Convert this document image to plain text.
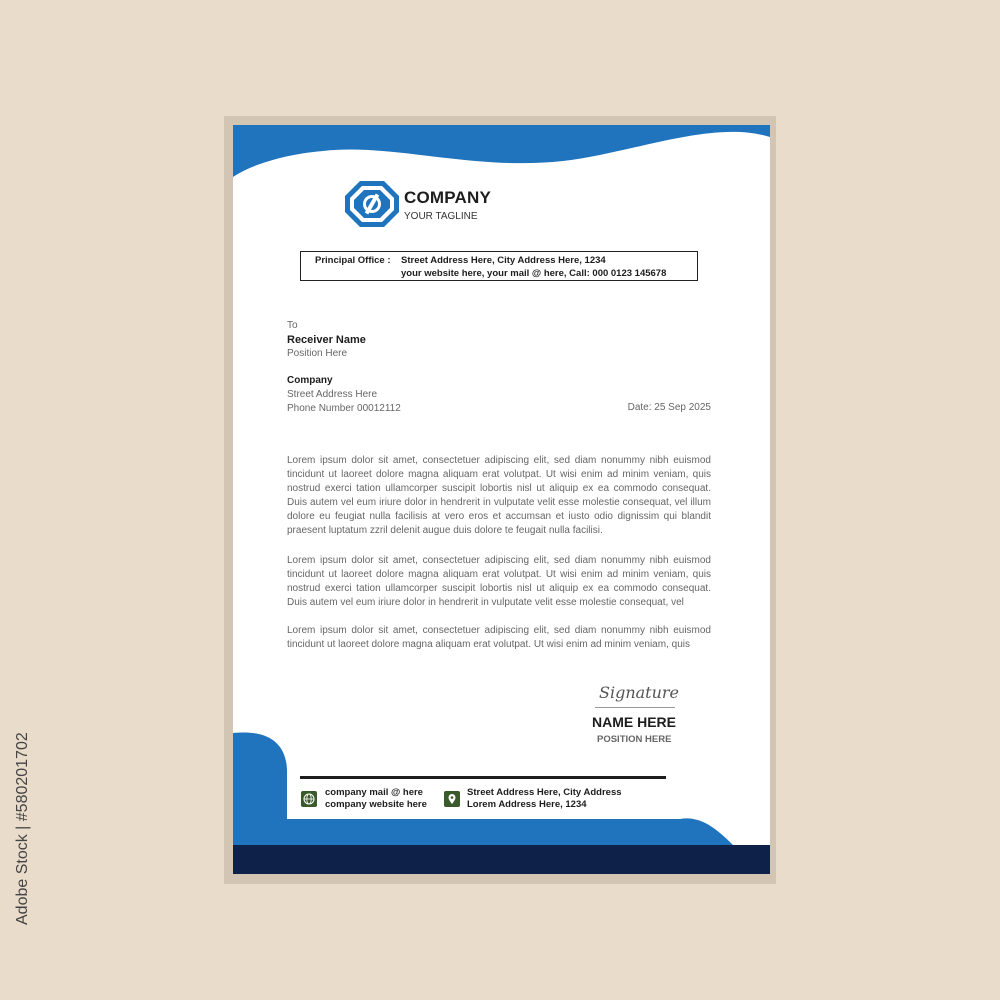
COMPANY
YOUR TAGLINE
Principal Office : Street Address Here, City Address Here, 1234
your website here, your mail @ here, Call: 000 0123 145678
To
Receiver Name
Position Here
Company
Street Address Here
Phone Number 00012112	Date: 25 Sep 2025
Lorem ipsum dolor sit amet, consectetuer adipiscing elit, sed diam nonummy nibh euismod tincidunt ut laoreet dolore magna aliquam erat volutpat. Ut wisi enim ad minim veniam, quis nostrud exerci tation ullamcorper suscipit lobortis nisl ut aliquip ex ea commodo consequat. Duis autem vel eum iriure dolor in hendrerit in vulputate velit esse molestie consequat, vel illum dolore eu feugiat nulla facilisis at vero eros et accumsan et iusto odio dignissim qui blandit praesent luptatum zzril delenit augue duis dolore te feugait nulla facilisi.
Lorem ipsum dolor sit amet, consectetuer adipiscing elit, sed diam nonummy nibh euismod tincidunt ut laoreet dolore magna aliquam erat volutpat. Ut wisi enim ad minim veniam, quis nostrud exerci tation ullamcorper suscipit lobortis nisl ut aliquip ex ea commodo consequat. Duis autem vel eum iriure dolor in hendrerit in vulputate velit esse molestie consequat, vel
Lorem ipsum dolor sit amet, consectetuer adipiscing elit, sed diam nonummy nibh euismod tincidunt ut laoreet dolore magna aliquam erat volutpat. Ut wisi enim ad minim veniam, quis
Signature
NAME HERE
POSITION HERE
company mail @ here
company website here
Street Address Here, City Address
Lorem Address Here, 1234
Adobe Stock | #580201702
